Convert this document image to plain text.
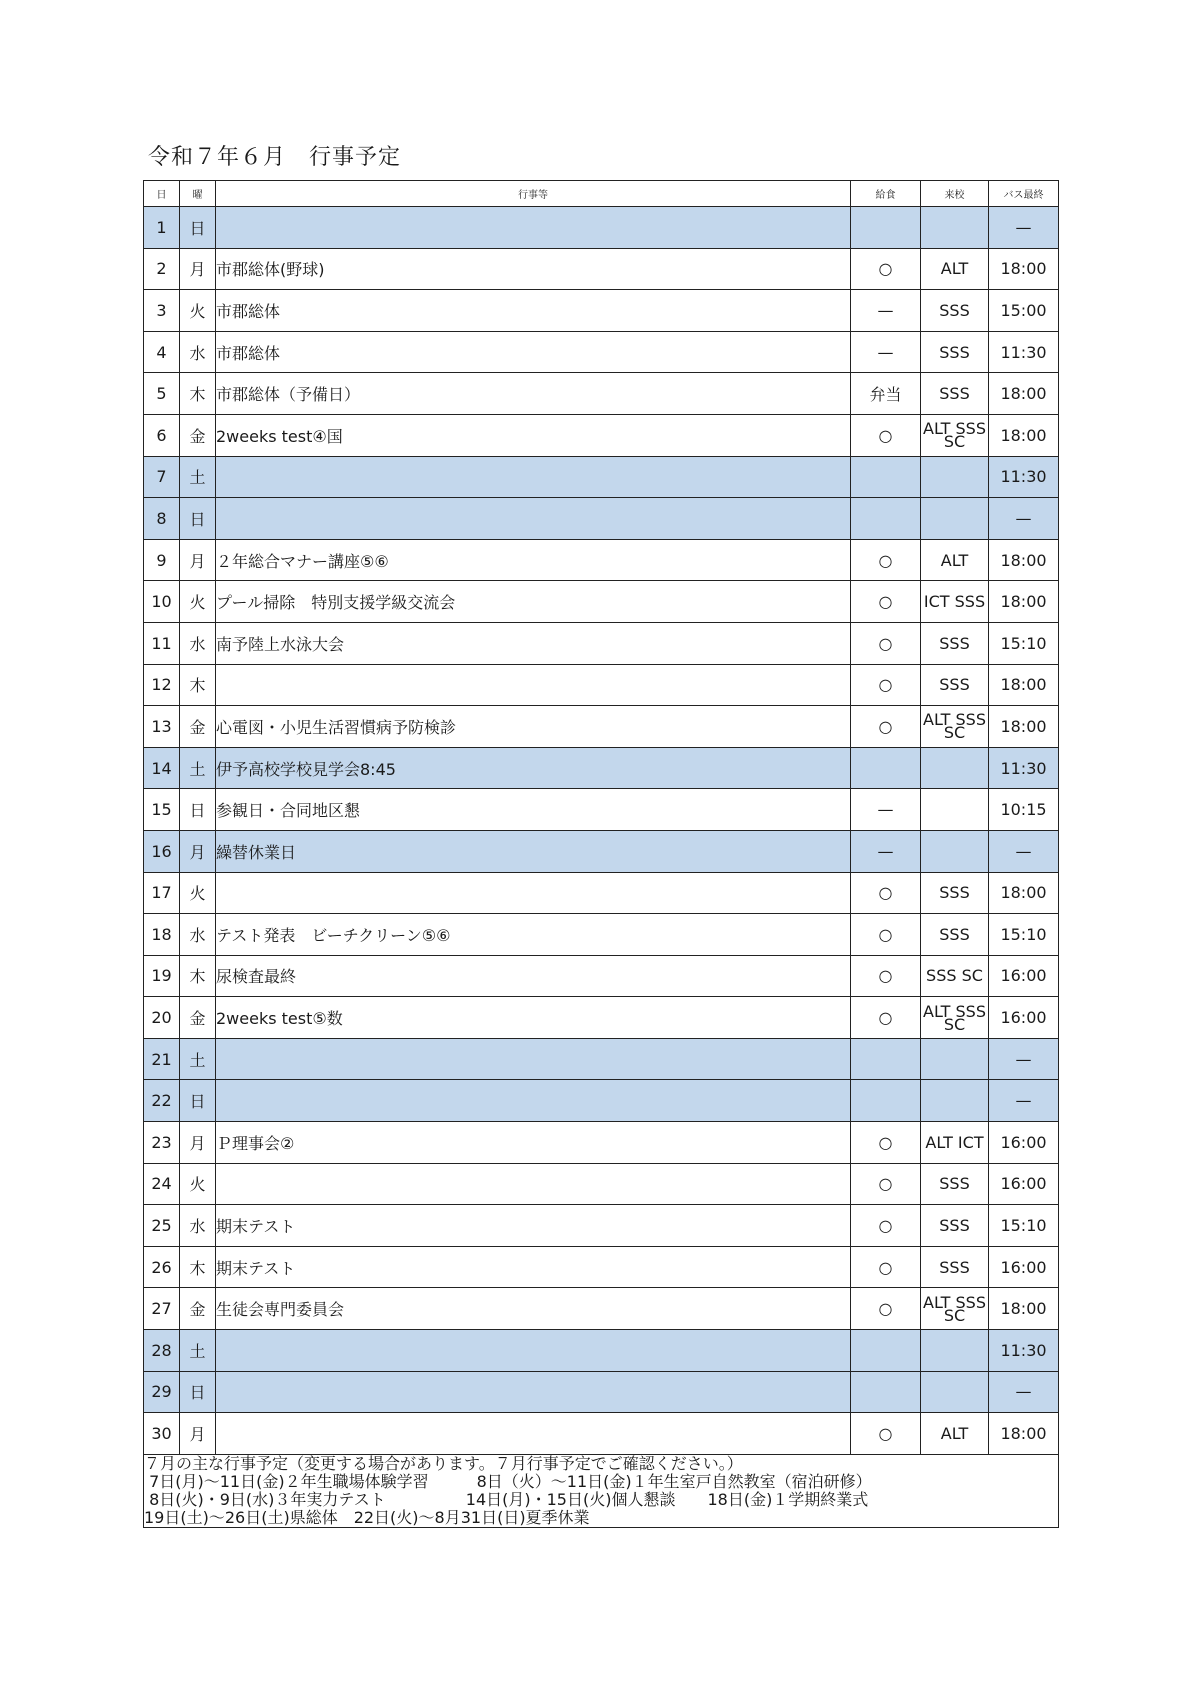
令和７年６月　行事予定
日	曜	行事等	給食	来校	バス最終
1	日				—
2	月	市郡総体(野球)	○	ALT	18:00
3	火	市郡総体	—	SSS	15:00
4	水	市郡総体	—	SSS	11:30
5	木	市郡総体（予備日）	弁当	SSS	18:00
6	金	2weeks test④国	○	ALT SSS SC	18:00
7	土				11:30
8	日				—
9	月	２年総合マナー講座⑤⑥	○	ALT	18:00
10	火	プール掃除　特別支援学級交流会	○	ICT SSS	18:00
11	水	南予陸上水泳大会	○	SSS	15:10
12	木		○	SSS	18:00
13	金	心電図・小児生活習慣病予防検診	○	ALT SSS SC	18:00
14	土	伊予高校学校見学会8:45			11:30
15	日	参観日・合同地区懇	—		10:15
16	月	繰替休業日	—		—
17	火		○	SSS	18:00
18	水	テスト発表　ビーチクリーン⑤⑥	○	SSS	15:10
19	木	尿検査最終	○	SSS SC	16:00
20	金	2weeks test⑤数	○	ALT SSS SC	16:00
21	土				—
22	日				—
23	月	Ｐ理事会②	○	ALT ICT	16:00
24	火		○	SSS	16:00
25	水	期末テスト	○	SSS	15:10
26	木	期末テスト	○	SSS	16:00
27	金	生徒会専門委員会	○	ALT SSS SC	18:00
28	土				11:30
29	日				—
30	月		○	ALT	18:00
７月の主な行事予定（変更する場合があります。７月行事予定でご確認ください。）
7日(月)～11日(金)２年生職場体験学習　　　8日（火）～11日(金)１年生室戸自然教室（宿泊研修）
8日(火)・9日(水)３年実力テスト　　　　　14日(月)・15日(火)個人懇談　　18日(金)１学期終業式
19日(土)～26日(土)県総体　22日(火)～8月31日(日)夏季休業					
